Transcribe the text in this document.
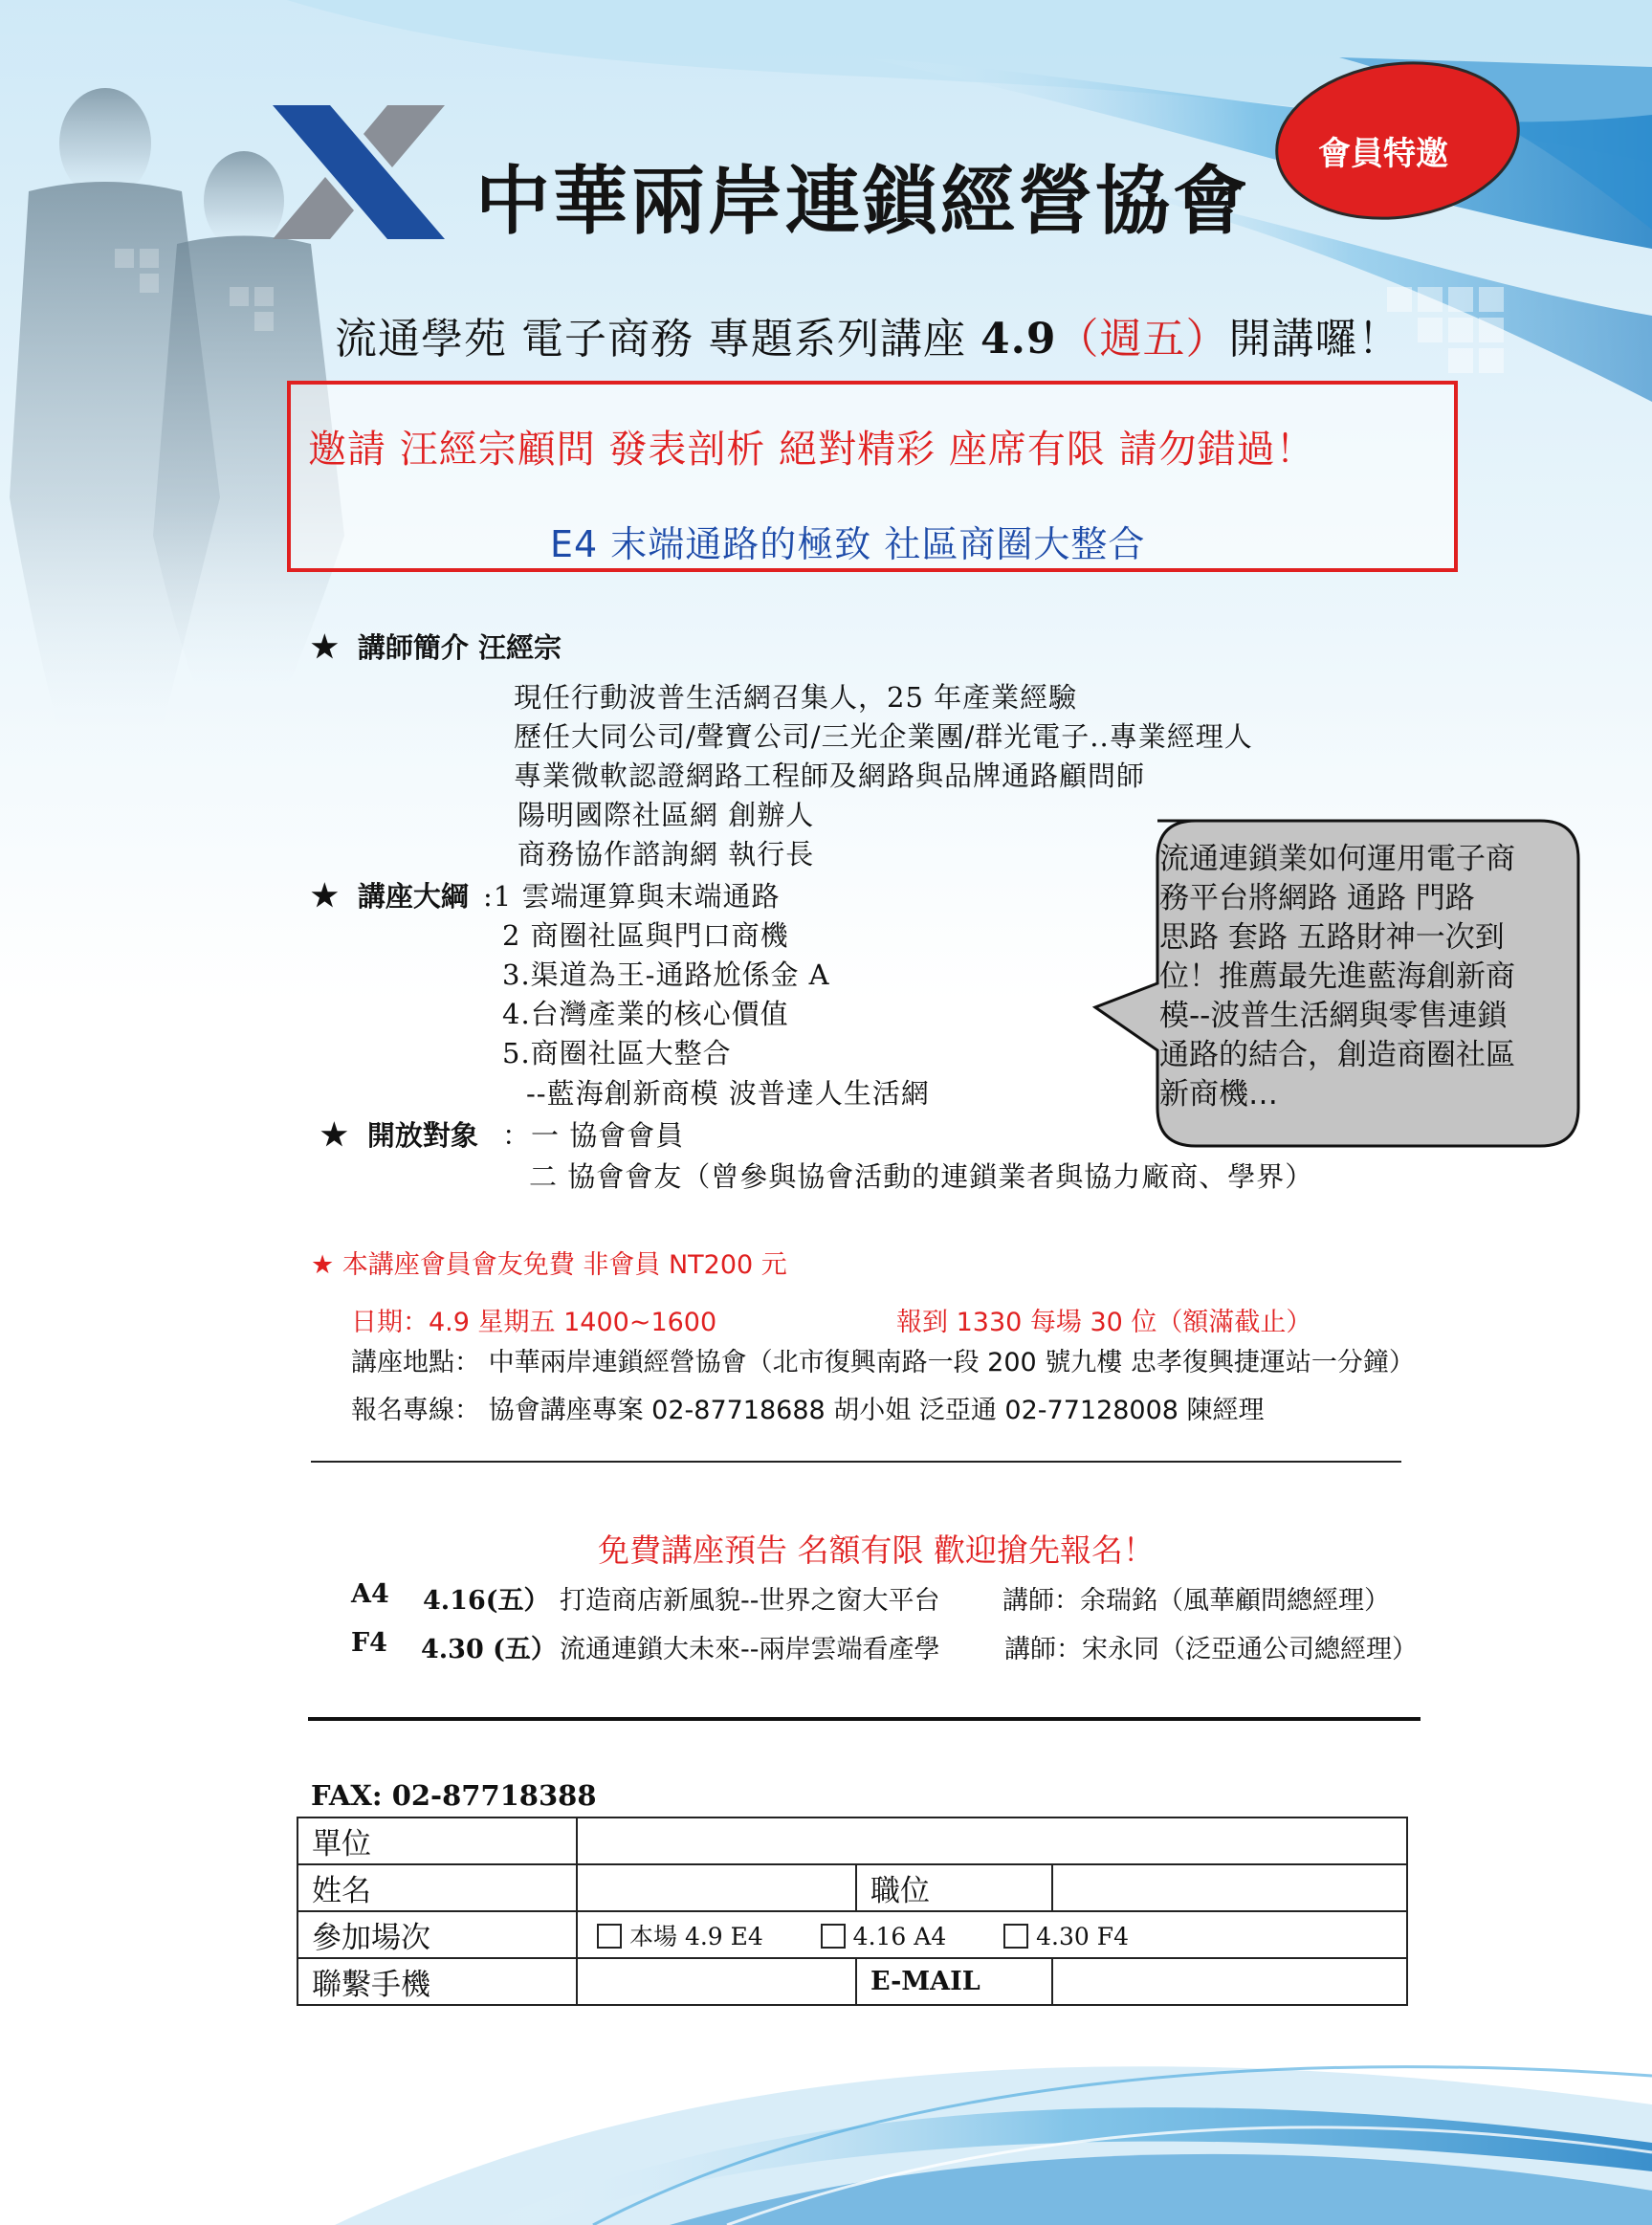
中華兩岸連鎖經營協會
會員特邀
流通學苑 電子商務 專題系列講座 4.9（週五）開講囉！
邀請 汪經宗顧問 發表剖析 絕對精彩 座席有限 請勿錯過！
E4 末端通路的極致 社區商圈大整合
★ 講師簡介 汪經宗
現任行動波普生活網召集人，25 年產業經驗
歷任大同公司/聲寶公司/三光企業團/群光電子..專業經理人
專業微軟認證網路工程師及網路與品牌通路顧問師
陽明國際社區網 創辦人
商務協作諮詢網 執行長
★ 講座大綱 :1 雲端運算與末端通路
2 商圈社區與門口商機
3.渠道為王-通路尬係金 A
4.台灣產業的核心價值
5.商圈社區大整合
--藍海創新商模 波普達人生活網
★ 開放對象 ：一 協會會員
二 協會會友（曾參與協會活動的連鎖業者與協力廠商、學界）
流通連鎖業如何運用電子商
務平台將網路 通路 門路
思路 套路 五路財神一次到
位！推薦最先進藍海創新商
模--波普生活網與零售連鎖
通路的結合，創造商圈社區
新商機…
★ 本講座會員會友免費 非會員 NT200 元
日期：4.9 星期五 1400~1600	報到 1330 每場 30 位（額滿截止）
講座地點： 中華兩岸連鎖經營協會（北市復興南路一段 200 號九樓 忠孝復興捷運站一分鐘）
報名專線： 協會講座專案 02-87718688 胡小姐 泛亞通 02-77128008 陳經理
免費講座預告 名額有限 歡迎搶先報名！
A4 4.16(五） 打造商店新風貌--世界之窗大平台 講師：余瑞銘（風華顧問總經理）
F4 4.30 (五） 流通連鎖大未來--兩岸雲端看產學	講師：宋永同（泛亞通公司總經理）
FAX: 02-87718388
單位			
姓名		職位	
參加場次	本場 4.9 E4 4.16 A4 4.30 F4		
聯繫手機		E-MAIL	
